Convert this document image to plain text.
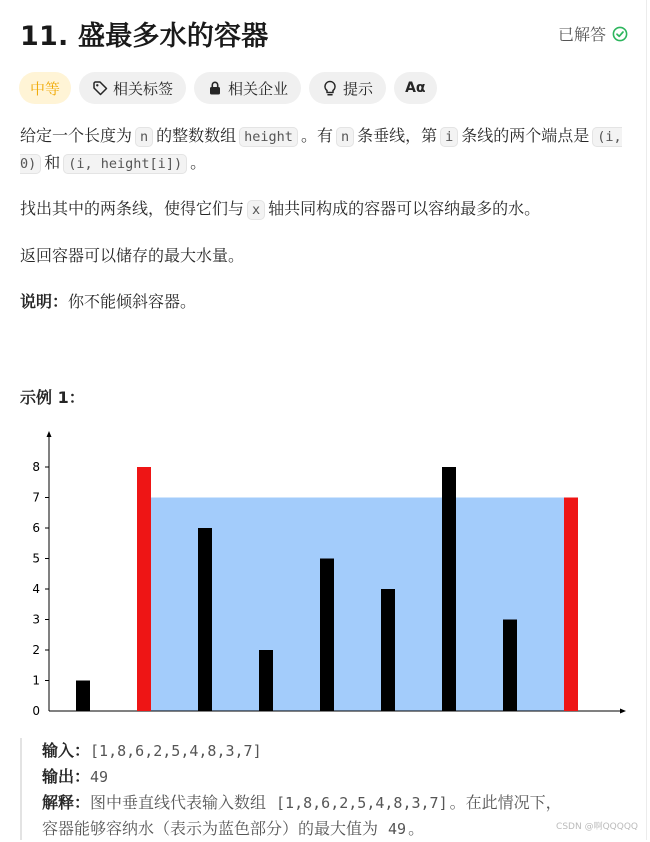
11. 盛最多水的容器	已解答
中等	相关标签	相关企业	提示 Aα
给定一个长度为 n 的整数数组 height 。有 n 条垂线，第 i 条线的两个端点是 (i, 0) 和 (i, height[i]) 。
找出其中的两条线，使得它们与 x 轴共同构成的容器可以容纳最多的水。
返回容器可以储存的最大水量。
说明：你不能倾斜容器。
示例 1：
0
1
2
3
4
5
6
7
8
输入：[1,8,6,2,5,4,8,3,7]
输出：49
解释：图中垂直线代表输入数组 [1,8,6,2,5,4,8,3,7] 。在此情况下，
容器能够容纳水（表示为蓝色部分）的最大值为 49 。	CSDN @啊QQQQQ
